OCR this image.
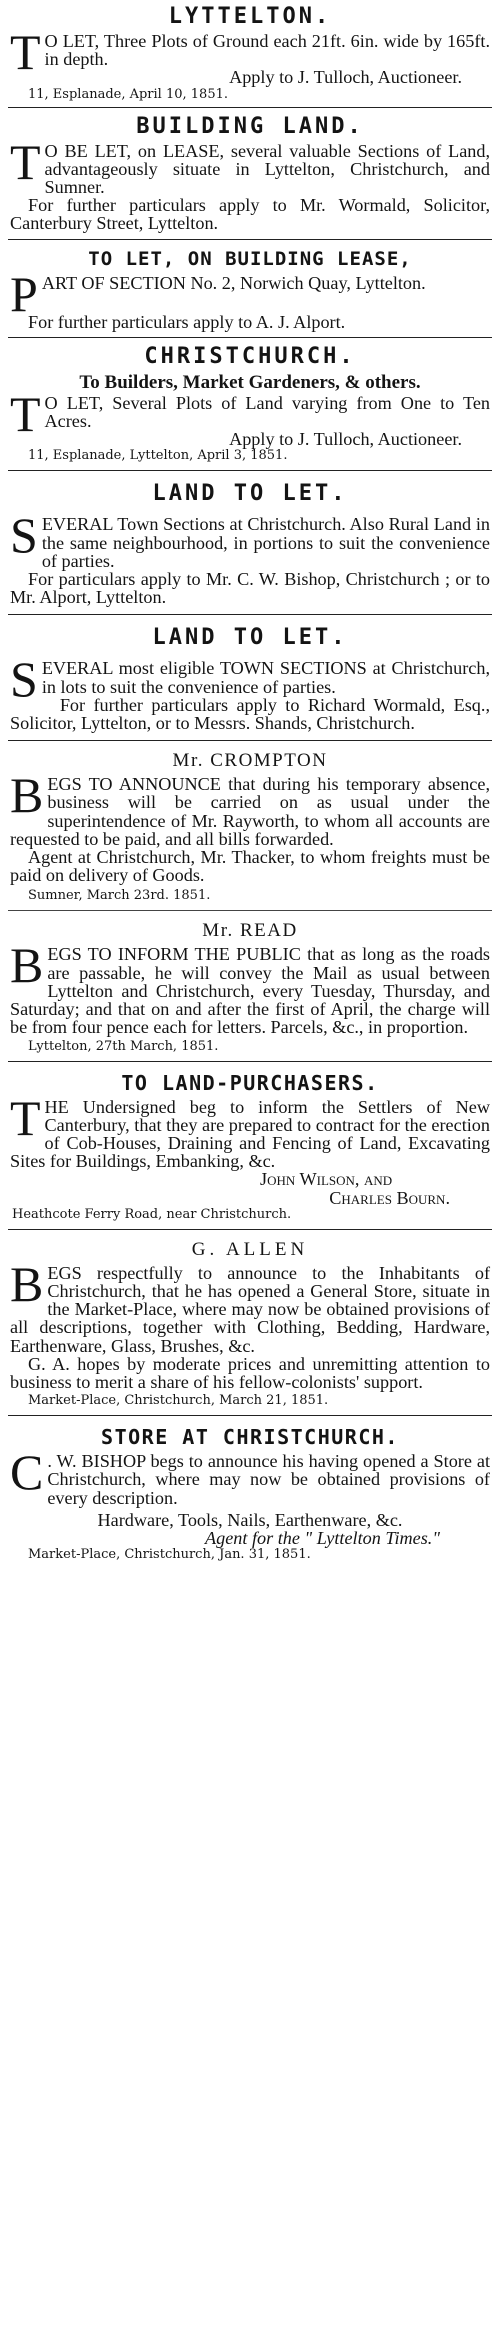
LYTTELTON.
T O LET, Three Plots of Ground each 21ft. 6in. wide by 165ft. in depth.
Apply to J. Tulloch, Auctioneer.
11, Esplanade, April 10, 1851.
BUILDING LAND.
T O BE LET, on LEASE, several valuable Sections of Land, advantageously situate in Lyttelton, Christchurch, and Sumner.
For further particulars apply to Mr. Wormald, Solicitor, Canterbury Street, Lyttelton.
TO LET, ON BUILDING LEASE,
P ART OF SECTION No. 2, Norwich Quay, Lyttelton.
For further particulars apply to A. J. Alport.
CHRISTCHURCH.
To Builders, Market Gardeners, & others.
T O LET, Several Plots of Land varying from One to Ten Acres.
Apply to J. Tulloch, Auctioneer.
11, Esplanade, Lyttelton, April 3, 1851.
LAND TO LET.
S EVERAL Town Sections at Christchurch. Also Rural Land in the same neighbourhood, in portions to suit the convenience of parties.
For particulars apply to Mr. C. W. Bishop, Christchurch ; or to Mr. Alport, Lyttelton.
LAND TO LET.
S EVERAL most eligible TOWN SECTIONS at Christchurch, in lots to suit the convenience of parties.
For further particulars apply to Richard Wormald, Esq., Solicitor, Lyttelton, or to Messrs. Shands, Christchurch.
Mr. CROMPTON
B EGS TO ANNOUNCE that during his temporary absence, business will be carried on as usual under the superintendence of Mr. Rayworth, to whom all accounts are requested to be paid, and all bills forwarded.
Agent at Christchurch, Mr. Thacker, to whom freights must be paid on delivery of Goods.
Sumner, March 23rd. 1851.
Mr. READ
B EGS TO INFORM THE PUBLIC that as long as the roads are passable, he will convey the Mail as usual between Lyttelton and Christchurch, every Tuesday, Thursday, and Saturday; and that on and after the first of April, the charge will be from four pence each for letters. Parcels, &c., in proportion.
Lyttelton, 27th March, 1851.
TO LAND-PURCHASERS.
T HE Undersigned beg to inform the Settlers of New Canterbury, that they are prepared to contract for the erection of Cob-Houses, Draining and Fencing of Land, Excavating Sites for Buildings, Embanking, &c.
John Wilson, and
Charles Bourn.
Heathcote Ferry Road, near Christchurch.
G. ALLEN
B EGS respectfully to announce to the Inhabitants of Christchurch, that he has opened a General Store, situate in the Market-Place, where may now be obtained provisions of all descriptions, together with Clothing, Bedding, Hardware, Earthenware, Glass, Brushes, &c.
G. A. hopes by moderate prices and unremitting attention to business to merit a share of his fellow-colonists' support.
Market-Place, Christchurch, March 21, 1851.
STORE AT CHRISTCHURCH.
C . W. BISHOP begs to announce his having opened a Store at Christchurch, where may now be obtained provisions of every description.
Hardware, Tools, Nails, Earthenware, &c.
Agent for the " Lyttelton Times."
Market-Place, Christchurch, Jan. 31, 1851.
